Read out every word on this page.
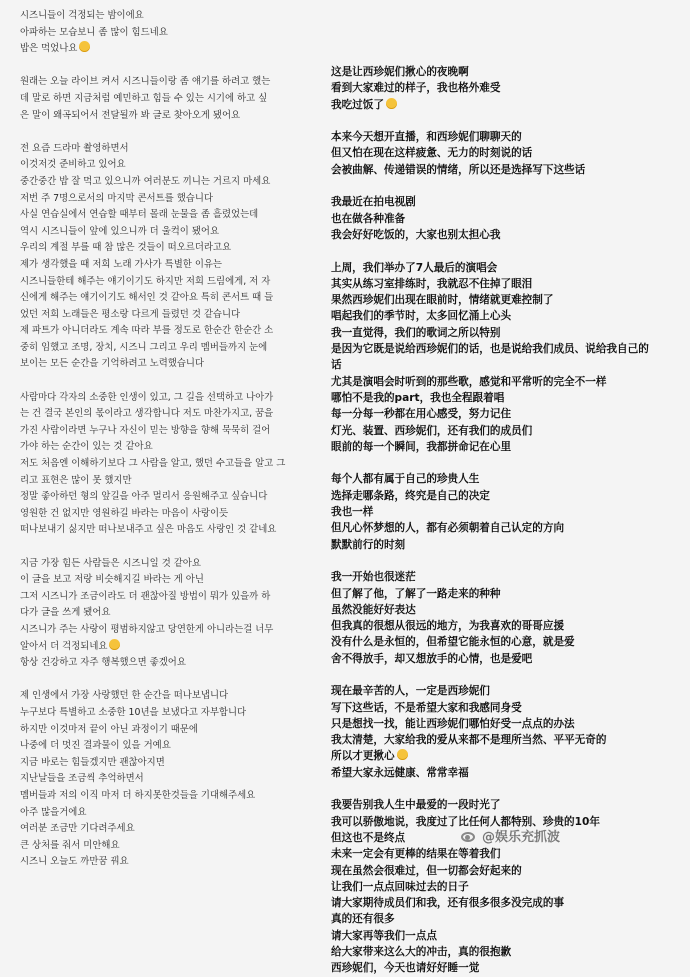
시즈니들이 걱정되는 밤이에요
아파하는 모습보니 좀 많이 힘드네요
밥은 먹었나요
원래는 오늘 라이브 켜서 시즈니들이랑 좀 얘기를 하려고 했는
데 말로 하면 지금처럼 예민하고 힘들 수 있는 시기에 하고 싶
은 말이 왜곡되어서 전달될까 봐 글로 찾아오게 됐어요
전 요즘 드라마 촬영하면서
이것저것 준비하고 있어요
중간중간 밥 잘 먹고 있으니까 여러분도 끼니는 거르지 마세요
저번 주 7명으로서의 마지막 콘서트를 했습니다
사실 연습실에서 연습할 때부터 몰래 눈물을 좀 흘렸었는데
역시 시즈니들이 앞에 있으니까 더 울컥이 됐어요
우리의 계절 부를 때 참 많은 것들이 떠오르더라고요
제가 생각했을 때 저희 노래 가사가 특별한 이유는
시즈니들한테 해주는 얘기이기도 하지만 저희 드림에게, 저 자
신에게 해주는 얘기이기도 해서인 것 같아요 특히 콘서트 때 들
었던 저희 노래들은 평소랑 다르게 들렸던 것 같습니다
제 파트가 아니더라도 계속 따라 부를 정도로 한순간 한순간 소
중히 임했고 조명, 장치, 시즈니 그리고 우리 멤버들까지 눈에
보이는 모든 순간을 기억하려고 노력했습니다
사람마다 각자의 소중한 인생이 있고, 그 길을 선택하고 나아가
는 건 결국 본인의 몫이라고 생각합니다 저도 마찬가지고, 꿈을
가진 사람이라면 누구나 자신이 믿는 방향을 향해 묵묵히 걸어
가야 하는 순간이 있는 것 같아요
저도 처음엔 이해하기보다 그 사람을 알고, 했던 수고들을 알고 그
리고 표현은 많이 못 했지만
정말 좋아하던 형의 앞길을 아주 멀리서 응원해주고 싶습니다
영원한 건 없지만 영원하길 바라는 마음이 사랑이듯
떠나보내기 싫지만 떠나보내주고 싶은 마음도 사랑인 것 같네요
지금 가장 힘든 사람들은 시즈니일 것 같아요
이 글을 보고 저랑 비슷해지길 바라는 게 아닌
그저 시즈니가 조금이라도 더 괜찮아질 방법이 뭐가 있을까 하
다가 글을 쓰게 됐어요
시즈니가 주는 사랑이 평범하지않고 당연한게 아니라는걸 너무
알아서 더 걱정되네요
항상 건강하고 자주 행복했으면 좋겠어요
제 인생에서 가장 사랑했던 한 순간을 떠나보냅니다
누구보다 특별하고 소중한 10년을 보냈다고 자부합니다
하지만 이것마저 끝이 아닌 과정이기 때문에
나중에 더 멋진 결과물이 있을 거예요
지금 바로는 힘들겠지만 괜찮아지면
지난날들을 조금씩 추억하면서
멤버들과 저의 이직 마저 더 하지못한것들을 기대해주세요
아주 많을거에요
여러분 조금만 기다려주세요
큰 상처를 줘서 미안해요
시즈니 오늘도 까만꿈 꿔요
这是让西珍妮们揪心的夜晚啊
看到大家难过的样子，我也格外难受
我吃过饭了
本来今天想开直播，和西珍妮们聊聊天的
但又怕在现在这样疲惫、无力的时刻说的话
会被曲解、传递错误的情绪，所以还是选择写下这些话
我最近在拍电视剧
也在做各种准备
我会好好吃饭的，大家也别太担心我
上周，我们举办了7人最后的演唱会
其实从练习室排练时，我就忍不住掉了眼泪
果然西珍妮们出现在眼前时，情绪就更难控制了
唱起我们的季节时，太多回忆涌上心头
我一直觉得，我们的歌词之所以特别
是因为它既是说给西珍妮们的话，也是说给我们成员、说给我自己的
话
尤其是演唱会时听到的那些歌，感觉和平常听的完全不一样
哪怕不是我的part，我也全程跟着唱
每一分每一秒都在用心感受，努力记住
灯光、装置、西珍妮们，还有我们的成员们
眼前的每一个瞬间，我都拼命记在心里
每个人都有属于自己的珍贵人生
选择走哪条路，终究是自己的决定
我也一样
但凡心怀梦想的人，都有必须朝着自己认定的方向
默默前行的时刻
我一开始也很迷茫
但了解了他，了解了一路走来的种种
虽然没能好好表达
但我真的很想从很远的地方，为我喜欢的哥哥应援
没有什么是永恒的，但希望它能永恒的心意，就是爱
舍不得放手，却又想放手的心情，也是爱吧
现在最辛苦的人，一定是西珍妮们
写下这些话，不是希望大家和我感同身受
只是想找一找，能让西珍妮们哪怕好受一点点的办法
我太清楚，大家给我的爱从来都不是理所当然、平平无奇的
所以才更揪心
希望大家永远健康、常常幸福
我要告别我人生中最爱的一段时光了
我可以骄傲地说，我度过了比任何人都特别、珍贵的10年
但这也不是终点
未来一定会有更棒的结果在等着我们
现在虽然会很难过，但一切都会好起来的
让我们一点点回味过去的日子
请大家期待成员们和我，还有很多很多没完成的事
真的还有很多
请大家再等我们一点点
给大家带来这么大的冲击，真的很抱歉
西珍妮们，今天也请好好睡一觉
@娱乐充抓波
